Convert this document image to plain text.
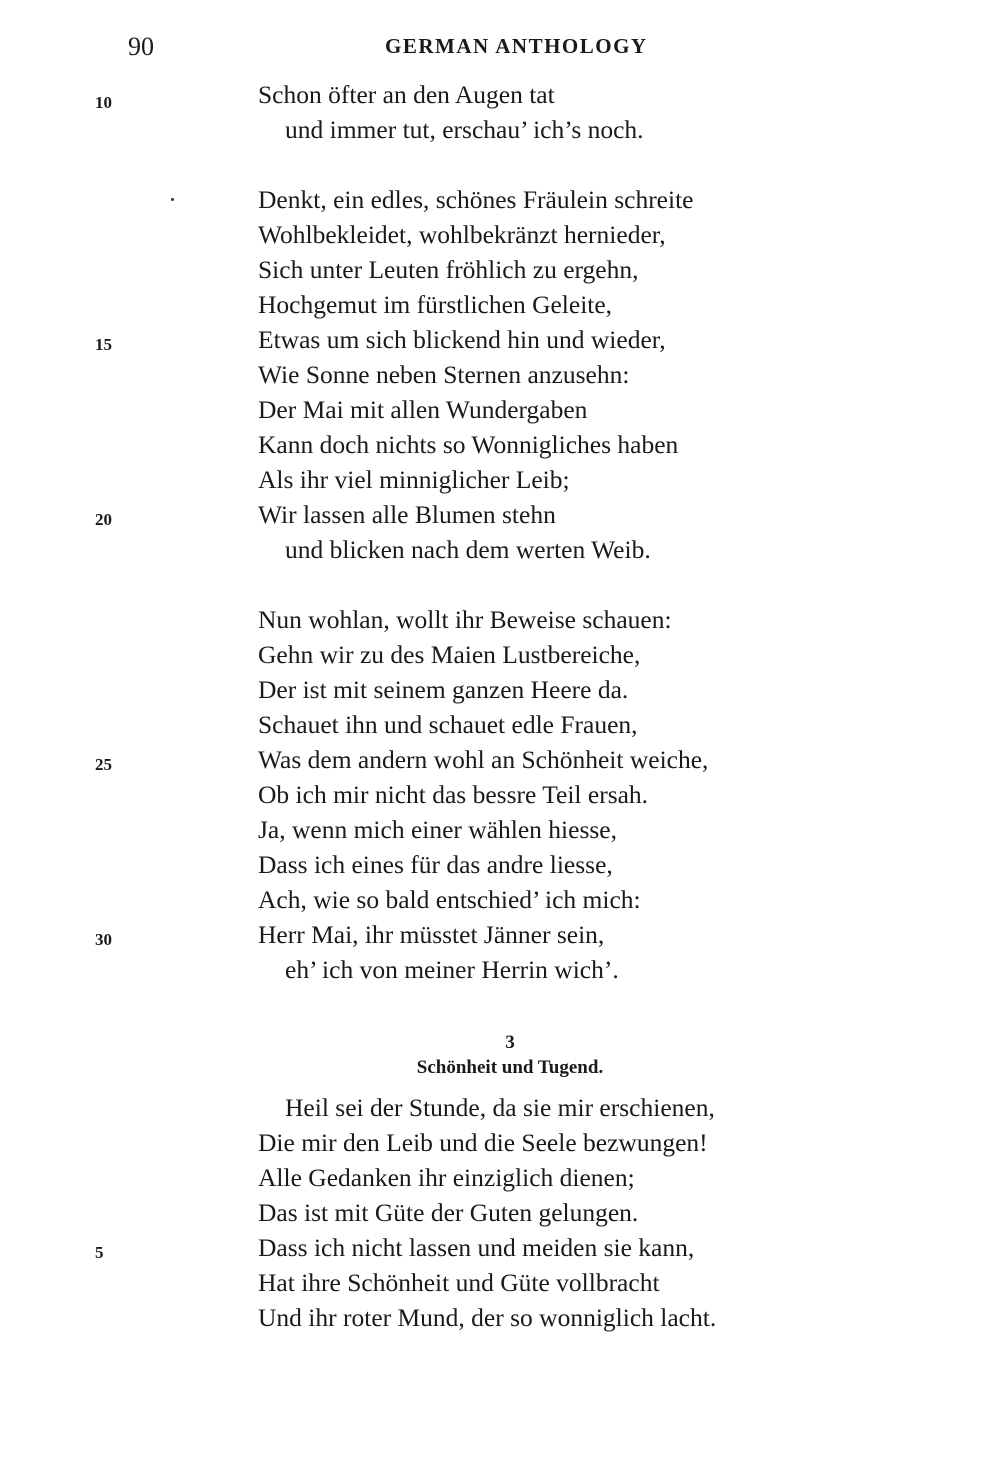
90	GERMAN ANTHOLOGY
10	Schon öfter an den Augen tat
und immer tut, erschau’ ich’s noch.
Denkt, ein edles, schönes Fräulein schreite
Wohlbekleidet, wohlbekränzt hernieder,
Sich unter Leuten fröhlich zu ergehn,
Hochgemut im fürstlichen Geleite,
15	Etwas um sich blickend hin und wieder,
Wie Sonne neben Sternen anzusehn:
Der Mai mit allen Wundergaben
Kann doch nichts so Wonnigliches haben
Als ihr viel minniglicher Leib;
20	Wir lassen alle Blumen stehn
und blicken nach dem werten Weib.
Nun wohlan, wollt ihr Beweise schauen:
Gehn wir zu des Maien Lustbereiche,
Der ist mit seinem ganzen Heere da.
Schauet ihn und schauet edle Frauen,
25	Was dem andern wohl an Schönheit weiche,
Ob ich mir nicht das bessre Teil ersah.
Ja, wenn mich einer wählen hiesse,
Dass ich eines für das andre liesse,
Ach, wie so bald entschied’ ich mich:
30	Herr Mai, ihr müsstet Jänner sein,
eh’ ich von meiner Herrin wich’.
3
Schönheit und Tugend.
Heil sei der Stunde, da sie mir erschienen,
Die mir den Leib und die Seele bezwungen!
Alle Gedanken ihr einziglich dienen;
Das ist mit Güte der Guten gelungen.
5	Dass ich nicht lassen und meiden sie kann,
Hat ihre Schönheit und Güte vollbracht
Und ihr roter Mund, der so wonniglich lacht.
